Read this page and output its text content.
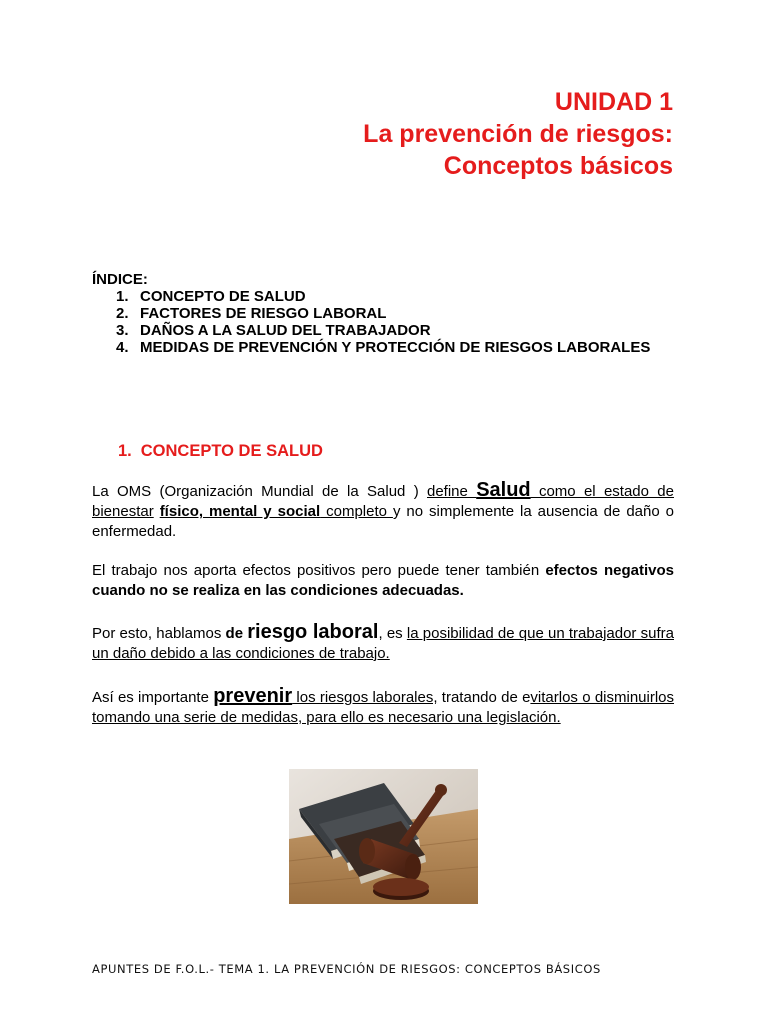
UNIDAD 1
La prevención de riesgos:
Conceptos básicos
ÍNDICE:
1. CONCEPTO DE SALUD
2. FACTORES DE RIESGO LABORAL
3. DAÑOS A LA SALUD DEL TRABAJADOR
4. MEDIDAS DE PREVENCIÓN Y PROTECCIÓN DE RIESGOS LABORALES
1. CONCEPTO DE SALUD
La OMS (Organización Mundial de la Salud ) define Salud como el estado de bienestar físico, mental y social completo y no simplemente la ausencia de daño o enfermedad.
El trabajo nos aporta efectos positivos pero puede tener también efectos negativos cuando no se realiza en las condiciones adecuadas.
Por esto, hablamos de riesgo laboral, es la posibilidad de que un trabajador sufra un daño debido a las condiciones de trabajo.
Así es importante prevenir los riesgos laborales, tratando de evitarlos o disminuirlos tomando una serie de medidas, para ello es necesario una legislación.
APUNTES DE F.O.L.- TEMA 1. LA PREVENCIÓN DE RIESGOS: CONCEPTOS BÁSICOS
